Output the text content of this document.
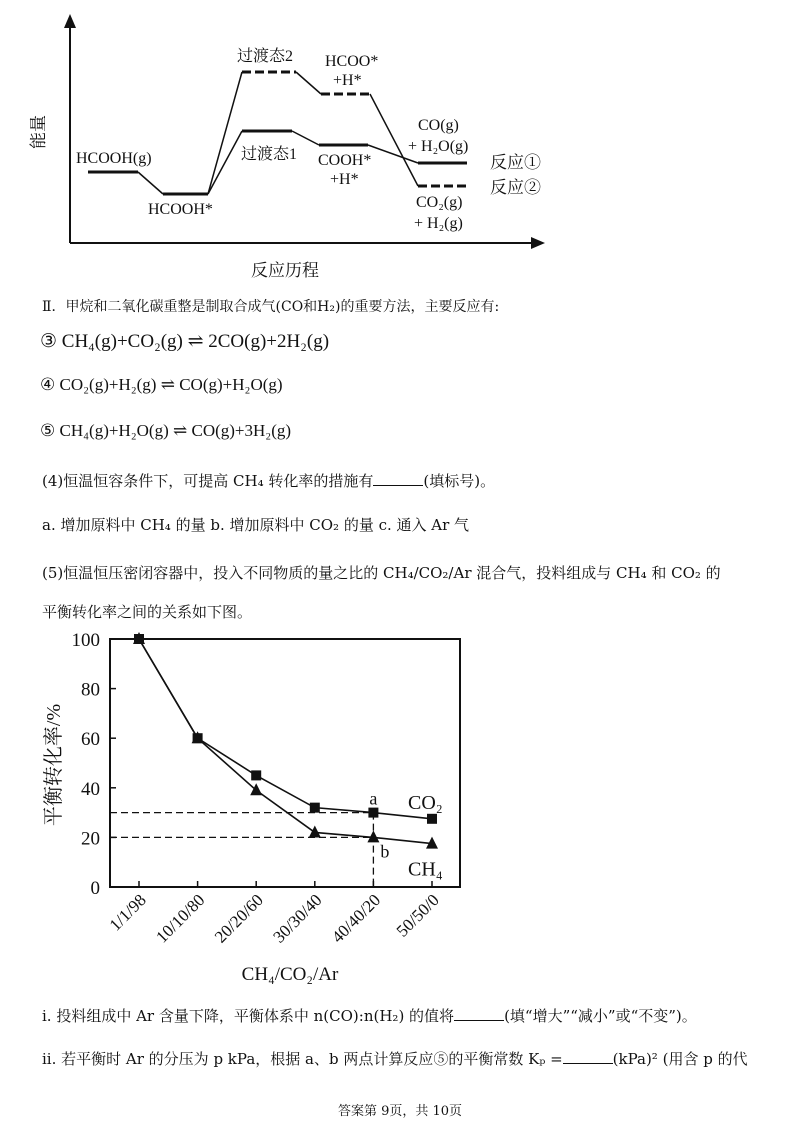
能量
反应历程
HCOOH(g)
HCOOH*
过渡态2
过渡态1
HCOO*
+H*
COOH*
+H*
CO(g)
+ H₂O(g)
CO₂(g)
+ H₂(g)
反应①
反应②
Ⅱ．甲烷和二氧化碳重整是制取合成气(CO和H₂)的重要方法，主要反应有:
③ CH₄(g)+CO₂(g) ⇌ 2CO(g)+2H₂(g)
④ CO₂(g)+H₂(g) ⇌ CO(g)+H₂O(g)
⑤ CH₄(g)+H₂O(g) ⇌ CO(g)+3H₂(g)
(4)恒温恒容条件下，可提高 CH₄ 转化率的措施有	(填标号)。
a. 增加原料中 CH₄ 的量 b. 增加原料中 CO₂ 的量 c. 通入 Ar 气
(5)恒温恒压密闭容器中，投入不同物质的量之比的 CH₄/CO₂/Ar 混合气，投料组成与 CH₄ 和 CO₂ 的
平衡转化率之间的关系如下图。
平衡转化率/%
CH₄/CO₂/Ar
0
20
40
60
80
100
1/1/98 10/10/80 20/20/60 30/30/40 40/40/20 50/50/0
CO₂
CH₄
a
b
i. 投料组成中 Ar 含量下降，平衡体系中 n(CO):n(H₂) 的值将	(填“增大”“减小”或“不变”)。
ii. 若平衡时 Ar 的分压为 p kPa，根据 a、b 两点计算反应⑤的平衡常数 Kₚ =	(kPa)² (用含 p 的代
答案第 9页，共 10页
